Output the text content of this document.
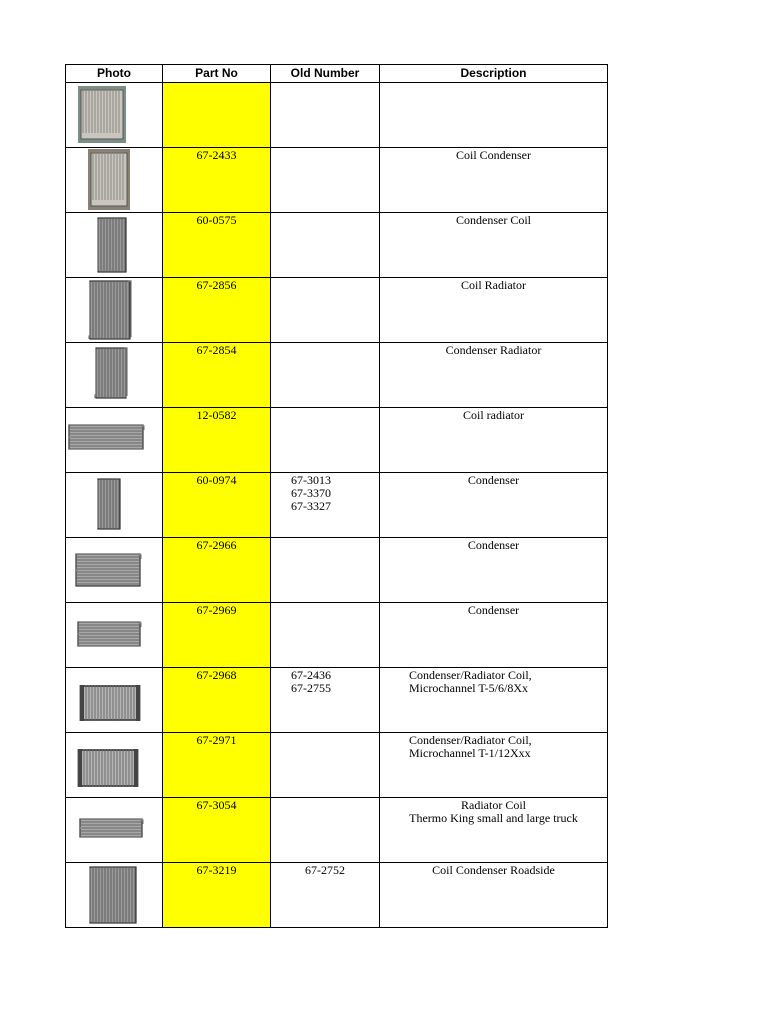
Photo	Part No	Old Number	Description

	67-2433		Coil Condenser

	60-0575		Condenser Coil

	67-2856		Coil Radiator

	67-2854		Condenser Radiator

	12-0582		Coil radiator

	60-0974	67-3013
67-3370
67-3327	Condenser

	67-2966		Condenser

	67-2969		Condenser

	67-2968	67-2436
67-2755	Condenser/Radiator Coil,
Microchannel T-5/6/8Xx

	67-2971		Condenser/Radiator Coil,
Microchannel T-1/12Xxx

	67-3054		Radiator Coil
Thermo King small and large truck

	67-3219	67-2752	Coil Condenser Roadside
